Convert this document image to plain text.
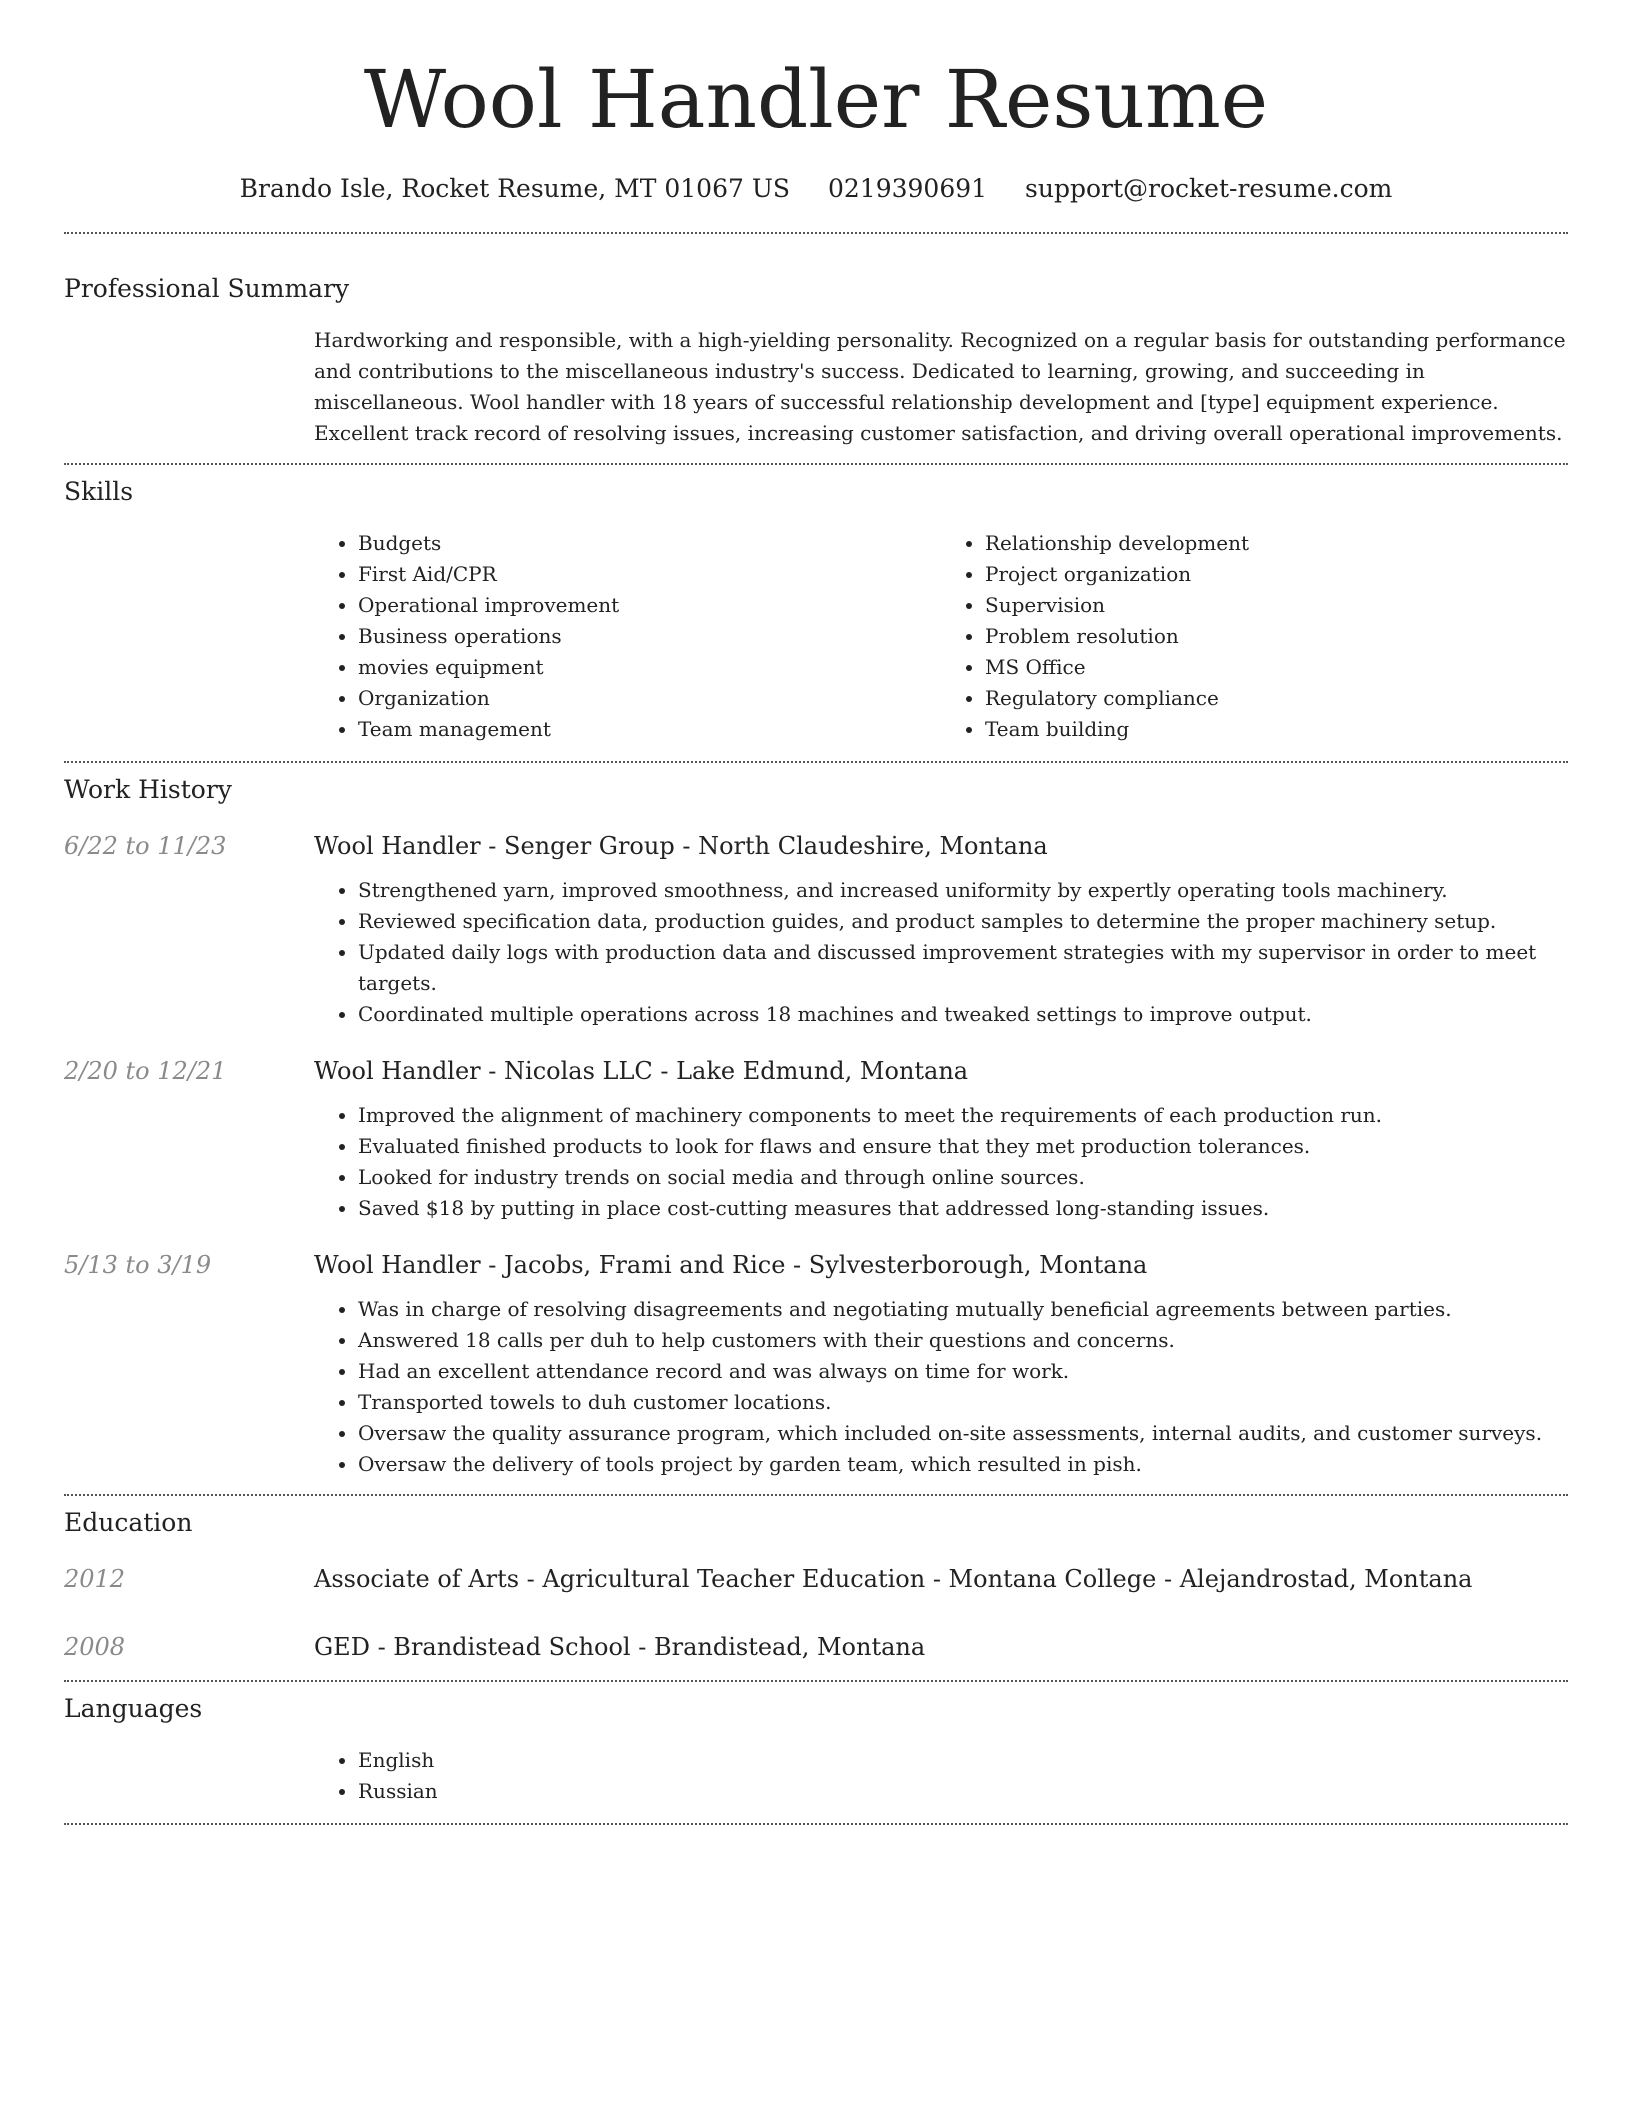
Wool Handler Resume
Brando Isle, Rocket Resume, MT 01067 US 0219390691 support@rocket-resume.com
Professional Summary
Hardworking and responsible, with a high-yielding personality. Recognized on a regular basis for outstanding performance and contributions to the miscellaneous industry's success. Dedicated to learning, growing, and succeeding in miscellaneous. Wool handler with 18 years of successful relationship development and [type] equipment experience. Excellent track record of resolving issues, increasing customer satisfaction, and driving overall operational improvements.
Skills
• Budgets
• First Aid/CPR
• Operational improvement
• Business operations
• movies equipment
• Organization
• Team management
• Relationship development
• Project organization
• Supervision
• Problem resolution
• MS Office
• Regulatory compliance
• Team building
Work History
6/22 to 11/23	Wool Handler - Senger Group - North Claudeshire, Montana
• Strengthened yarn, improved smoothness, and increased uniformity by expertly operating tools machinery.
• Reviewed specification data, production guides, and product samples to determine the proper machinery setup.
• Updated daily logs with production data and discussed improvement strategies with my supervisor in order to meet targets.
• Coordinated multiple operations across 18 machines and tweaked settings to improve output.
2/20 to 12/21	Wool Handler - Nicolas LLC - Lake Edmund, Montana
• Improved the alignment of machinery components to meet the requirements of each production run.
• Evaluated finished products to look for flaws and ensure that they met production tolerances.
• Looked for industry trends on social media and through online sources.
• Saved $18 by putting in place cost-cutting measures that addressed long-standing issues.
5/13 to 3/19	Wool Handler - Jacobs, Frami and Rice - Sylvesterborough, Montana
• Was in charge of resolving disagreements and negotiating mutually beneficial agreements between parties.
• Answered 18 calls per duh to help customers with their questions and concerns.
• Had an excellent attendance record and was always on time for work.
• Transported towels to duh customer locations.
• Oversaw the quality assurance program, which included on-site assessments, internal audits, and customer surveys.
• Oversaw the delivery of tools project by garden team, which resulted in pish.
Education
2012	Associate of Arts - Agricultural Teacher Education - Montana College - Alejandrostad, Montana
2008	GED - Brandistead School - Brandistead, Montana
Languages
• English
• Russian
